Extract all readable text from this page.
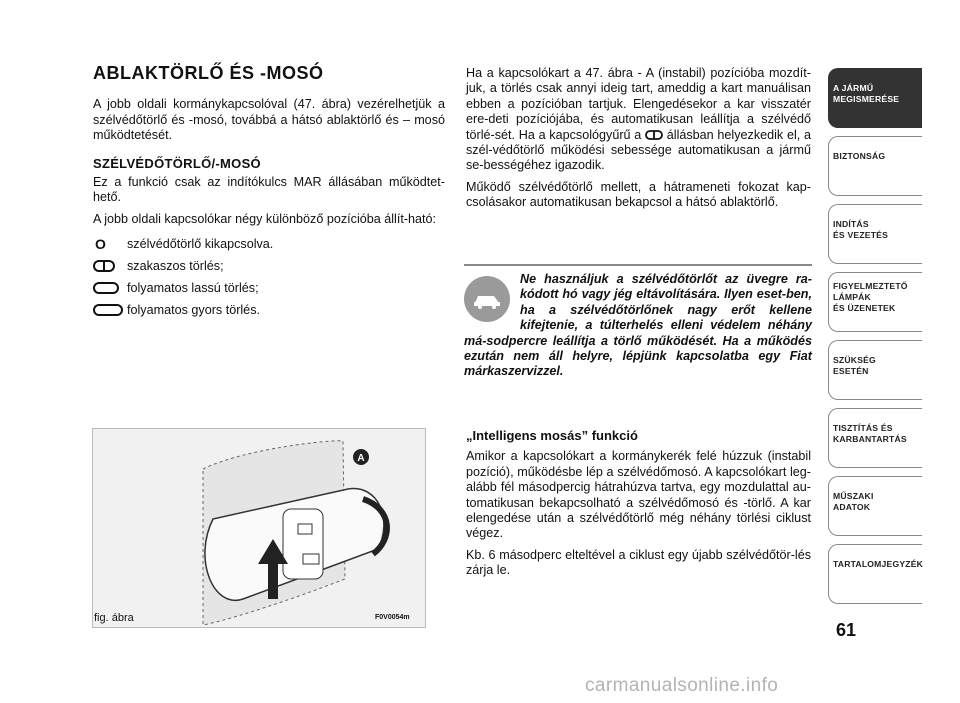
ABLAKTÖRLŐ ÉS -MOSÓ

A jobb oldali kormánykapcsolóval (47. ábra) vezérelhetjük a szélvédőtörlő és -mosó, továbbá a hátsó ablaktörlő és – mosó működtetését.

SZÉLVÉDŐTÖRLŐ/-MOSÓ

Ez a funkció csak az indítókulcs MAR állásában működtet-hető.

A jobb oldali kapcsolókar négy különböző pozícióba állít-ható:

O szélvédőtörlő kikapcsolva.
szakaszos törlés;
folyamatos lassú törlés;
folyamatos gyors törlés.

Ha a kapcsolókart a 47. ábra - A (instabil) pozícióba mozdít-juk, a törlés csak annyi ideig tart, ameddig a kart manuálisan ebben a pozícióban tartjuk. Elengedésekor a kar visszatér ere-deti pozíciójába, és automatikusan leállítja a szélvédő törlé-sét. Ha a kapcsológyűrű a állásban helyezkedik el, a szél-védőtörlő működési sebessége automatikusan a jármű se-bességéhez igazodik.

Működő szélvédőtörlő mellett, a hátrameneti fokozat kap-csolásakor automatikusan bekapcsol a hátsó ablaktörlő.

Ne használjuk a szélvédőtörlőt az üvegre ra-kódott hó vagy jég eltávolítására. Ilyen eset-ben, ha a szélvédőtörlőnek nagy erőt kellene kifejtenie, a túlterhelés elleni védelem néhány má-sodpercre leállítja a törlő működését. Ha a működés ezután nem áll helyre, lépjünk kapcsolatba egy Fiat márkaszervizzel.
„Intelligens mosás” funkció

Amikor a kapcsolókart a kormánykerék felé húzzuk (instabil pozíció), működésbe lép a szélvédőmosó. A kapcsolókart leg-alább fél másodpercig hátrahúzva tartva, egy mozdulattal au-tomatikusan bekapcsolható a szélvédőmosó és -törlő. A kar elengedése után a szélvédőtörlő még néhány törlési ciklust végez.

Kb. 6 másodperc elteltével a ciklust egy újabb szélvédőtör-lés zárja le.

A
fig. ábra	F0V0054m
A JÁRMŰ
MEGISMERÉSE
BIZTONSÁG
INDÍTÁS
ÉS VEZETÉS
FIGYELMEZTETŐ
LÁMPÁK
ÉS ÜZENETEK
SZÜKSÉG
ESETÉN
TISZTÍTÁS ÉS
KARBANTARTÁS
MŰSZAKI
ADATOK
TARTALOMJEGYZÉK
61
carmanualsonline.info
